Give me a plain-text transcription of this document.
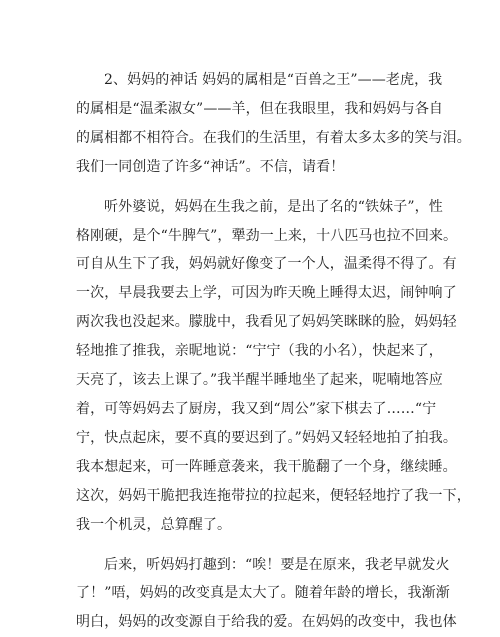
2、妈妈的神话 妈妈的属相是“百兽之王”——老虎，我
的属相是“温柔淑女”——羊，但在我眼里，我和妈妈与各自
的属相都不相符合。在我们的生活里，有着太多太多的笑与泪。
我们一同创造了许多“神话”。不信，请看！

听外婆说，妈妈在生我之前，是出了名的“铁妹子”，性
格刚硬，是个“牛脾气”，犟劲一上来，十八匹马也拉不回来。
可自从生下了我，妈妈就好像变了一个人，温柔得不得了。有
一次，早晨我要去上学，可因为昨天晚上睡得太迟，闹钟响了
两次我也没起来。朦胧中，我看见了妈妈笑眯眯的脸，妈妈轻
轻地推了推我，亲昵地说：“宁宁（我的小名），快起来了，
天亮了，该去上课了。”我半醒半睡地坐了起来，呢喃地答应
着，可等妈妈去了厨房，我又到“周公”家下棋去了……“宁
宁，快点起床，要不真的要迟到了。”妈妈又轻轻地拍了拍我。
我本想起来，可一阵睡意袭来，我干脆翻了一个身，继续睡。
这次，妈妈干脆把我连拖带拉的拉起来，便轻轻地拧了我一下，
我一个机灵，总算醒了。

后来，听妈妈打趣到：“唉！要是在原来，我老早就发火
了！”唔，妈妈的改变真是太大了。随着年龄的增长，我渐渐
明白，妈妈的改变源自于给我的爱。在妈妈的改变中，我也体
